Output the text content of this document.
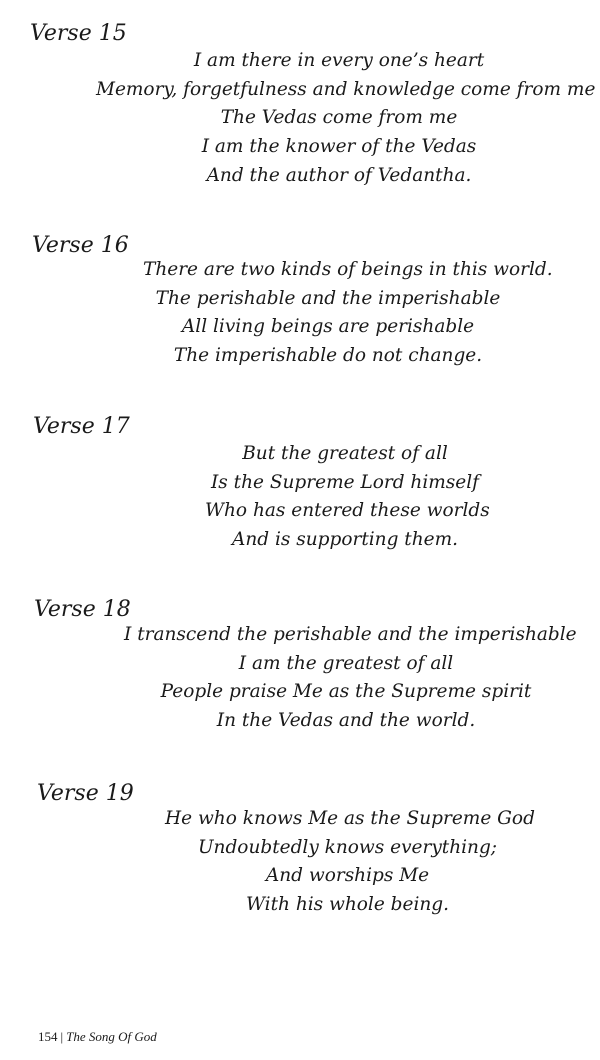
Verse 15
I am there in every one’s heart
Memory, forgetfulness and knowledge come from me
The Vedas come from me
I am the knower of the Vedas
And the author of Vedantha.
Verse 16
There are two kinds of beings in this world.
The perishable and the imperishable
All living beings are perishable
The imperishable do not change.
Verse 17
But the greatest of all
Is the Supreme Lord himself
Who has entered these worlds
And is supporting them.
Verse 18
I transcend the perishable and the imperishable
I am the greatest of all
People praise Me as the Supreme spirit
In the Vedas and the world.
Verse 19
He who knows Me as the Supreme God
Undoubtedly knows everything;
And worships Me
With his whole being.
154 | The Song Of God
